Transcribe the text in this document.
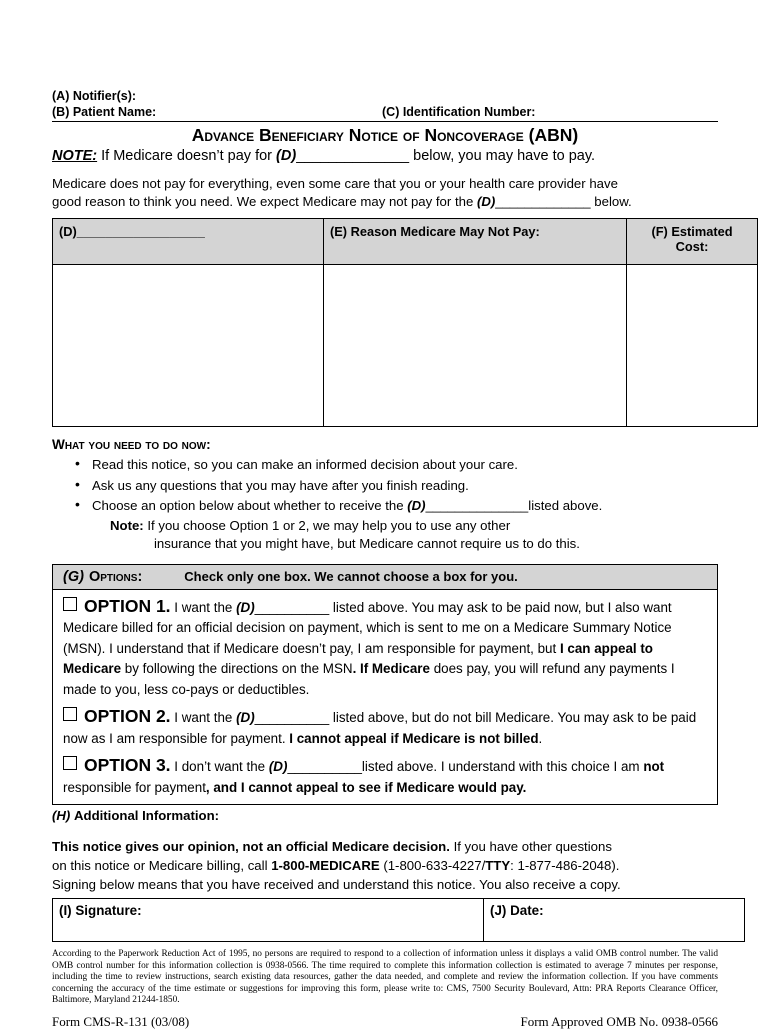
(A) Notifier(s):
(B) Patient Name:	(C) Identification Number:
Advance Beneficiary Notice of Noncoverage (ABN)
NOTE: If Medicare doesn’t pay for (D)______________ below, you may have to pay.
Medicare does not pay for everything, even some care that you or your health care provider have
good reason to think you need. We expect Medicare may not pay for the (D)_____________ below.
(D)__________________	(E) Reason Medicare May Not Pay:	(F) Estimated
Cost:

What you need to do now:
• Read this notice, so you can make an informed decision about your care.
• Ask us any questions that you may have after you finish reading.
• Choose an option below about whether to receive the (D)______________listed above.
Note: If you choose Option 1 or 2, we may help you to use any other
insurance that you might have, but Medicare cannot require us to do this.
(G) Options:	Check only one box. We cannot choose a box for you.
OPTION 1. I want the (D)__________ listed above. You may ask to be paid now, but I also want Medicare billed for an official decision on payment, which is sent to me on a Medicare Summary Notice (MSN). I understand that if Medicare doesn’t pay, I am responsible for payment, but I can appeal to Medicare by following the directions on the MSN. If Medicare does pay, you will refund any payments I made to you, less co-pays or deductibles.
OPTION 2. I want the (D)__________ listed above, but do not bill Medicare. You may ask to be paid now as I am responsible for payment. I cannot appeal if Medicare is not billed.
OPTION 3. I don’t want the (D)__________listed above. I understand with this choice I am not responsible for payment, and I cannot appeal to see if Medicare would pay.
(H) Additional Information:
This notice gives our opinion, not an official Medicare decision. If you have other questions
on this notice or Medicare billing, call 1-800-MEDICARE (1-800-633-4227/TTY: 1-877-486-2048).
Signing below means that you have received and understand this notice. You also receive a copy.
(I) Signature:	(J) Date:
According to the Paperwork Reduction Act of 1995, no persons are required to respond to a collection of information unless it displays a valid OMB control number. The valid OMB control number for this information collection is 0938-0566. The time required to complete this information collection is estimated to average 7 minutes per response, including the time to review instructions, search existing data resources, gather the data needed, and complete and review the information collection. If you have comments concerning the accuracy of the time estimate or suggestions for improving this form, please write to: CMS, 7500 Security Boulevard, Attn: PRA Reports Clearance Officer, Baltimore, Maryland 21244-1850.
Form CMS-R-131 (03/08)	Form Approved OMB No. 0938-0566
